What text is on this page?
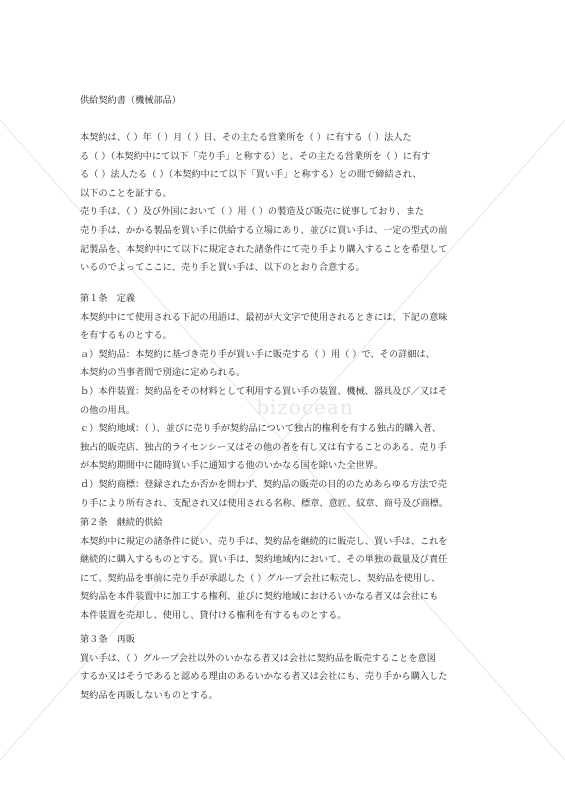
bizocean
供給契約書（機械部品）
本契約は、（ ）年（ ）月（ ）日、その主たる営業所を（ ）に有する（ ）法人た
る（ ）（本契約中にて以下「売り手」と称する）と、その主たる営業所を（ ）に有す
る（ ）法人たる（ ）（本契約中にて以下「買い手」と称する）との間で締結され、
以下のことを証する。
売り手は、（ ）及び外国において（ ）用（ ）の製造及び販売に従事しており、また
売り手は、かかる製品を買い手に供給する立場にあり、並びに買い手は、一定の型式の前
記製品を、本契約中にて以下に規定された諸条件にて売り手より購入することを希望して
いるのでよってここに、売り手と買い手は、以下のとおり合意する。
第１条　定義
本契約中にて使用される下記の用語は、最初が大文字で使用されるときには、下記の意味
を有するものとする。
ａ）契約品：本契約に基づき売り手が買い手に販売する（ ）用（ ）で、その詳細は、
本契約の当事者間で別途に定められる。
ｂ）本件装置：契約品をその材料として利用する買い手の装置、機械、器具及び／又はそ
の他の用具。
ｃ）契約地域：（ ）、並びに売り手が契約品について独占的権利を有する独占的購入者、
独占的販売店、独占的ライセンシー又はその他の者を有し又は有することのある、売り手
が本契約期間中に随時買い手に通知する他のいかなる国を除いた全世界。
ｄ）契約商標：登録されたか否かを問わず、契約品の販売の目的のためあらゆる方法で売
り手により所有され、支配され又は使用される名称、標章、意匠、紋章、商号及び商標。
第２条　継続的供給
本契約中に規定の諸条件に従い、売り手は、契約品を継続的に販売し、買い手は、これを
継続的に購入するものとする。買い手は、契約地域内において、その単独の裁量及び責任
にて、契約品を事前に売り手が承認した（ ）グループ会社に転売し、契約品を使用し、
契約品を本件装置中に加工する権利、並びに契約地域におけるいかなる者又は会社にも
本件装置を売却し、使用し、貸付ける権利を有するものとする。
第３条　再販
買い手は、（ ）グループ会社以外のいかなる者又は会社に契約品を販売することを意図
するか又はそうであると認める理由のあるいかなる者又は会社にも、売り手から購入した
契約品を再販しないものとする。
